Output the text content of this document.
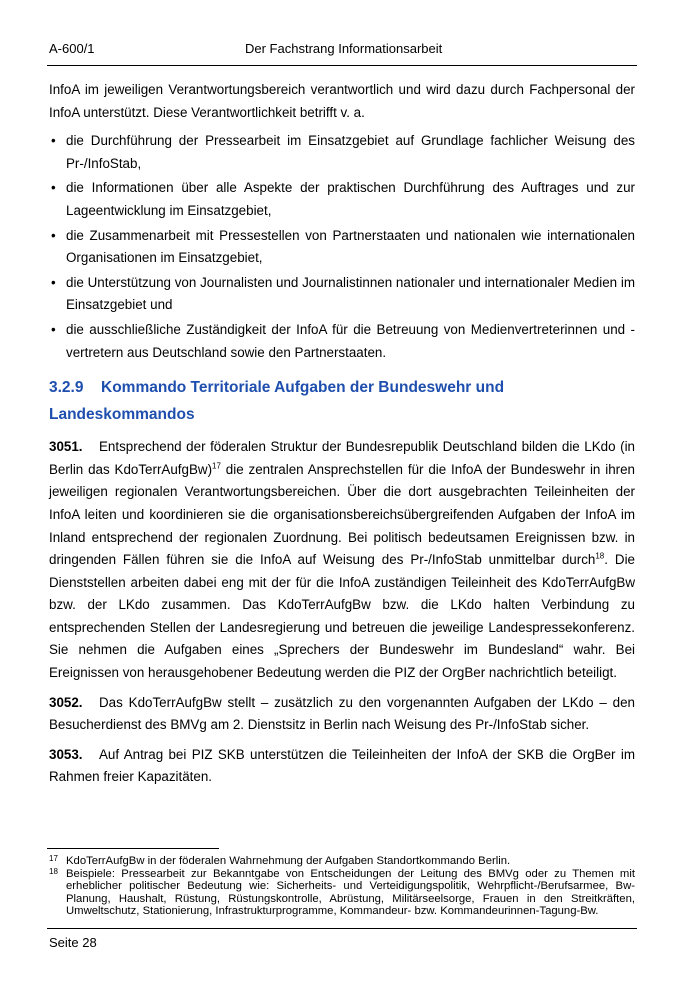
A-600/1	Der Fachstrang Informationsarbeit

InfoA im jeweiligen Verantwortungsbereich verantwortlich und wird dazu durch Fachpersonal der InfoA unterstützt. Diese Verantwortlichkeit betrifft v. a.

• die Durchführung der Pressearbeit im Einsatzgebiet auf Grundlage fachlicher Weisung des Pr-/InfoStab,
• die Informationen über alle Aspekte der praktischen Durchführung des Auftrages und zur Lageentwicklung im Einsatzgebiet,
• die Zusammenarbeit mit Pressestellen von Partnerstaaten und nationalen wie internationalen Organisationen im Einsatzgebiet,
• die Unterstützung von Journalisten und Journalistinnen nationaler und internationaler Medien im Einsatzgebiet und
• die ausschließliche Zuständigkeit der InfoA für die Betreuung von Medienvertreterinnen und -vertretern aus Deutschland sowie den Partnerstaaten.
3.2.9 Kommando Territoriale Aufgaben der Bundeswehr und Landeskommandos

3051. Entsprechend der föderalen Struktur der Bundesrepublik Deutschland bilden die LKdo (in Berlin das KdoTerrAufgBw)$^{17}$ die zentralen Ansprechstellen für die InfoA der Bundeswehr in ihren jeweiligen regionalen Verantwortungsbereichen. Über die dort ausgebrachten Teileinheiten der InfoA leiten und koordinieren sie die organisationsbereichsübergreifenden Aufgaben der InfoA im Inland entsprechend der regionalen Zuordnung. Bei politisch bedeutsamen Ereignissen bzw. in dringenden Fällen führen sie die InfoA auf Weisung des Pr-/InfoStab unmittelbar durch$^{18}$. Die Dienststellen arbeiten dabei eng mit der für die InfoA zuständigen Teileinheit des KdoTerrAufgBw bzw. der LKdo zusammen. Das KdoTerrAufgBw bzw. die LKdo halten Verbindung zu entsprechenden Stellen der Landesregierung und betreuen die jeweilige Landespressekonferenz. Sie nehmen die Aufgaben eines „Sprechers der Bundeswehr im Bundesland“ wahr. Bei Ereignissen von herausgehobener Bedeutung werden die PIZ der OrgBer nachrichtlich beteiligt.

3052. Das KdoTerrAufgBw stellt – zusätzlich zu den vorgenannten Aufgaben der LKdo – den Besucherdienst des BMVg am 2. Dienstsitz in Berlin nach Weisung des Pr-/InfoStab sicher.

3053. Auf Antrag bei PIZ SKB unterstützen die Teileinheiten der InfoA der SKB die OrgBer im Rahmen freier Kapazitäten.

17 KdoTerrAufgBw in der föderalen Wahrnehmung der Aufgaben Standortkommando Berlin.
18 Beispiele: Pressearbeit zur Bekanntgabe von Entscheidungen der Leitung des BMVg oder zu Themen mit erheblicher politischer Bedeutung wie: Sicherheits- und Verteidigungspolitik, Wehrpflicht-/Berufsarmee, Bw-Planung, Haushalt, Rüstung, Rüstungskontrolle, Abrüstung, Militärseelsorge, Frauen in den Streitkräften, Umweltschutz, Stationierung, Infrastrukturprogramme, Kommandeur- bzw. Kommandeurinnen-Tagung-Bw.
Seite 28
